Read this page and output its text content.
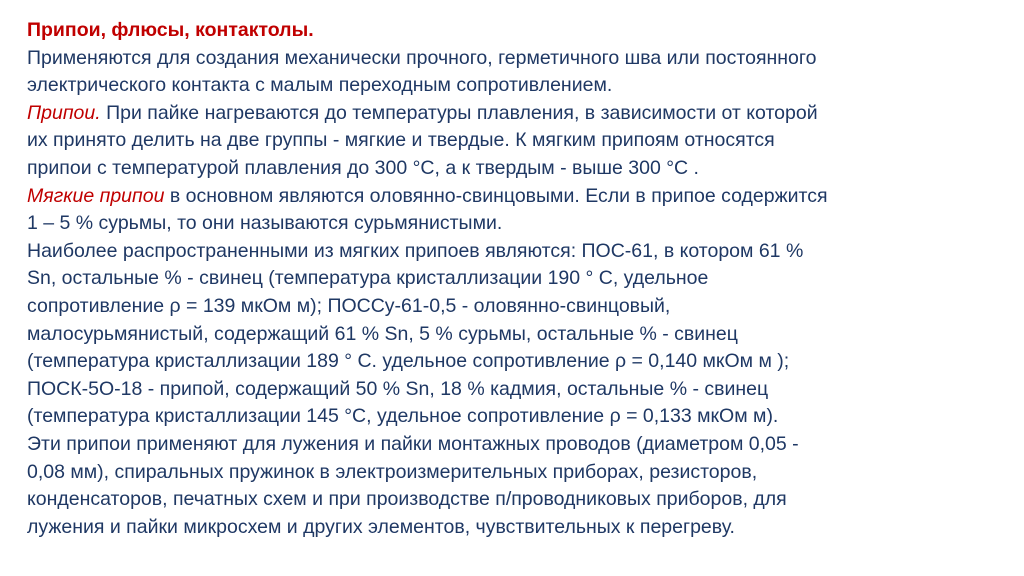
Припои, флюсы, контактолы.
Применяются для создания механически прочного, герметичного шва или постоянного
электрического контакта с малым переходным сопротивлением.
Припои. При пайке нагреваются до температуры плавления, в зависимости от которой
их принято делить на две группы - мягкие и твердые. К мягким припоям относятся
припои с температурой плавления до 300 °C, а к твердым - выше 300 °C .
Мягкие припои в основном являются оловянно-свинцовыми. Если в припое содержится
1 – 5 % сурьмы, то они называются сурьмянистыми.
Наиболее распространенными из мягких припоев являются: ПОС-61, в котором 61 %
Sn, остальные % - свинец (температура кристаллизации 190 ° C, удельное
сопротивление ρ = 139 мкОм м); ПОССу-61-0,5 - оловянно-свинцовый,
малосурьмянистый, содержащий 61 % Sn, 5 % сурьмы, остальные % - свинец
(температура кристаллизации 189 ° C. удельное сопротивление ρ = 0,140 мкОм м );
ПОСК-5О-18 - припой, содержащий 50 % Sn, 18 % кадмия, остальные % - свинец
(температура кристаллизации 145 °C, удельное сопротивление ρ = 0,133 мкОм м).
Эти припои применяют для лужения и пайки монтажных проводов (диаметром 0,05 -
0,08 мм), спиральных пружинок в электроизмерительных приборах, резисторов,
конденсаторов, печатных схем и при производстве п/проводниковых приборов, для
лужения и пайки микросхем и других элементов, чувствительных к перегреву.
